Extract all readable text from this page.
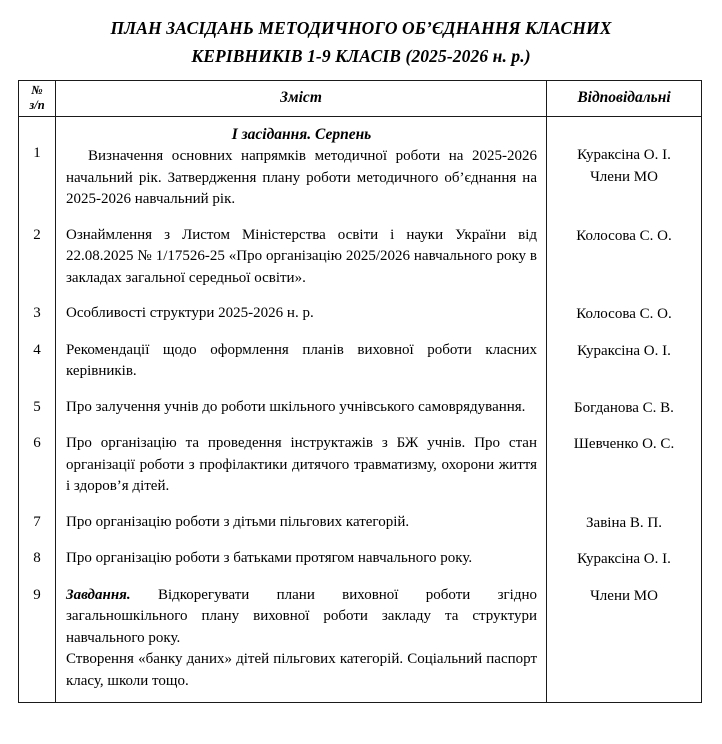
ПЛАН ЗАСІДАНЬ МЕТОДИЧНОГО ОБ’ЄДНАННЯ КЛАСНИХ
КЕРІВНИКІВ 1-9 КЛАСІВ (2025-2026 н. р.)
№
з/п	Зміст	Відповідальні
1	І засідання. Серпень

Визначення основних напрямків методичної роботи на 2025-2026 начальний рік. Затвердження плану роботи методичного об’єднання на 2025-2026 навчальний рік.	Кураксіна О. І.
Члени МО

2	Ознаймлення з Листом Міністерства освіти і науки України від 22.08.2025 № 1/17526-25 «Про організацію 2025/2026 навчального року в закладах загальної середньої освіти».	Колосова С. О.

3	Особливості структури 2025-2026 н. р.	Колосова С. О.

4	Рекомендації щодо оформлення планів виховної роботи класних керівників.	Кураксіна О. І.

5	Про залучення учнів до роботи шкільного учнівського самоврядування.	Богданова С. В.

6	Про організацію та проведення інструктажів з БЖ учнів. Про стан організації роботи з профілактики дитячого травматизму, охорони життя і здоров’я дітей.	Шевченко О. С.

7	Про організацію роботи з дітьми пільгових категорій.	Завіна В. П.

8	Про організацію роботи з батьками протягом навчального року.	Кураксіна О. І.

9	Завдання. Відкорегувати плани виховної роботи згідно загальношкільного плану виховної роботи закладу та структури навчального року.

Створення «банку даних» дітей пільгових категорій. Соціальний паспорт класу, школи тощо.	Члени МО
